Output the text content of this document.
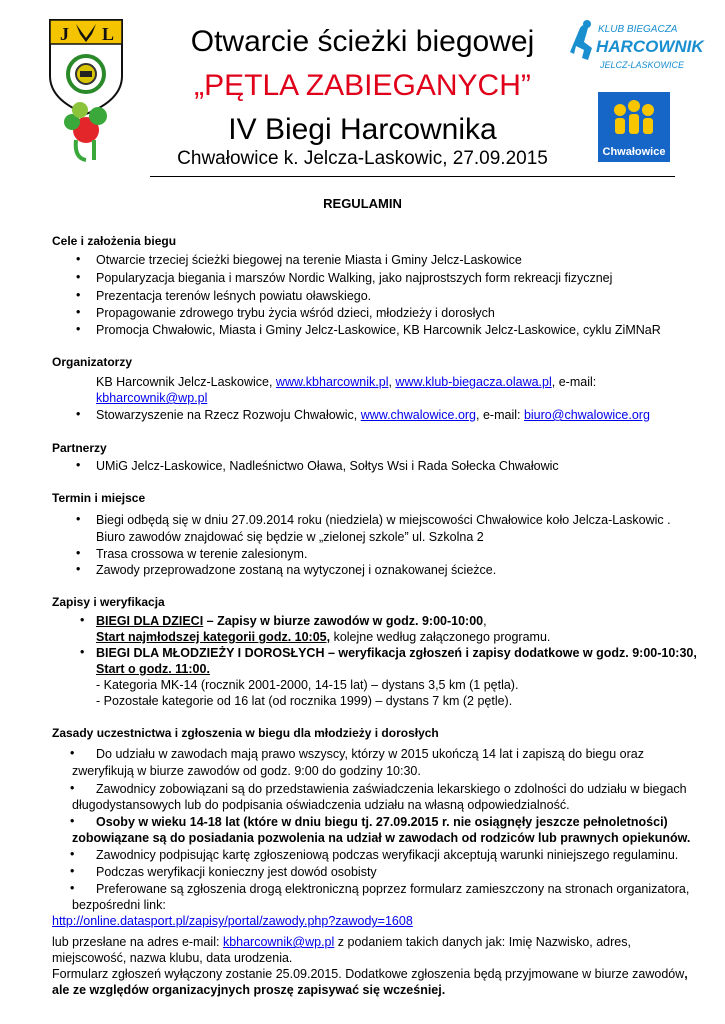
J L	KLUB BIEGACZA
HARCOWNIK
JELCZ-LASKOWICE
Chwałowice
Otwarcie ścieżki biegowej
„PĘTLA ZABIEGANYCH”
IV Biegi Harcownika
Chwałowice k. Jelcza-Laskowic, 27.09.2015
REGULAMIN
Cele i założenia biegu
• Otwarcie trzeciej ścieżki biegowej na terenie Miasta i Gminy Jelcz-Laskowice
• Popularyzacja biegania i marszów Nordic Walking, jako najprostszych form rekreacji fizycznej
• Prezentacja terenów leśnych powiatu oławskiego.
• Propagowanie zdrowego trybu życia wśród dzieci, młodzieży i dorosłych
• Promocja Chwałowic, Miasta i Gminy Jelcz-Laskowice, KB Harcownik Jelcz-Laskowice, cyklu ZiMNaR
Organizatorzy
KB Harcownik Jelcz-Laskowice, www.kbharcownik.pl, www.klub-biegacza.olawa.pl, e-mail:
kbharcownik@wp.pl
• Stowarzyszenie na Rzecz Rozwoju Chwałowic, www.chwalowice.org, e-mail: biuro@chwalowice.org
Partnerzy
• UMiG Jelcz-Laskowice, Nadleśnictwo Oława, Sołtys Wsi i Rada Sołecka Chwałowic
Termin i miejsce
• Biegi odbędą się w dniu 27.09.2014 roku (niedziela) w miejscowości Chwałowice koło Jelcza-Laskowic .
Biuro zawodów znajdować się będzie w „zielonej szkole” ul. Szkolna 2
• Trasa crossowa w terenie zalesionym.
• Zawody przeprowadzone zostaną na wytyczonej i oznakowanej ścieżce.
Zapisy i weryfikacja
• BIEGI DLA DZIECI – Zapisy w biurze zawodów w godz. 9:00-10:00,
Start najmłodszej kategorii godz. 10:05, kolejne według załączonego programu.
• BIEGI DLA MŁODZIEŻY I DOROSŁYCH – weryfikacja zgłoszeń i zapisy dodatkowe w godz. 9:00-10:30,
Start o godz. 11:00.
- Kategoria MK-14 (rocznik 2001-2000, 14-15 lat) – dystans 3,5 km (1 pętla).
- Pozostałe kategorie od 16 lat (od rocznika 1999) – dystans 7 km (2 pętle).
Zasady uczestnictwa i zgłoszenia w biegu dla młodzieży i dorosłych
• Do udziału w zawodach mają prawo wszyscy, którzy w 2015 ukończą 14 lat i zapiszą do biegu oraz
zweryfikują w biurze zawodów od godz. 9:00 do godziny 10:30.
• Zawodnicy zobowiązani są do przedstawienia zaświadczenia lekarskiego o zdolności do udziału w biegach
długodystansowych lub do podpisania oświadczenia udziału na własną odpowiedzialność.
• Osoby w wieku 14-18 lat (które w dniu biegu tj. 27.09.2015 r. nie osiągnęły jeszcze pełnoletności)
zobowiązane są do posiadania pozwolenia na udział w zawodach od rodziców lub prawnych opiekunów.
• Zawodnicy podpisując kartę zgłoszeniową podczas weryfikacji akceptują warunki niniejszego regulaminu.
• Podczas weryfikacji konieczny jest dowód osobisty
• Preferowane są zgłoszenia drogą elektroniczną poprzez formularz zamieszczony na stronach organizatora,
bezpośredni link:
http://online.datasport.pl/zapisy/portal/zawody.php?zawody=1608
lub przesłane na adres e-mail: kbharcownik@wp.pl z podaniem takich danych jak: Imię Nazwisko, adres,
miejscowość, nazwa klubu, data urodzenia.
Formularz zgłoszeń wyłączony zostanie 25.09.2015. Dodatkowe zgłoszenia będą przyjmowane w biurze zawodów,
ale ze względów organizacyjnych proszę zapisywać się wcześniej.
